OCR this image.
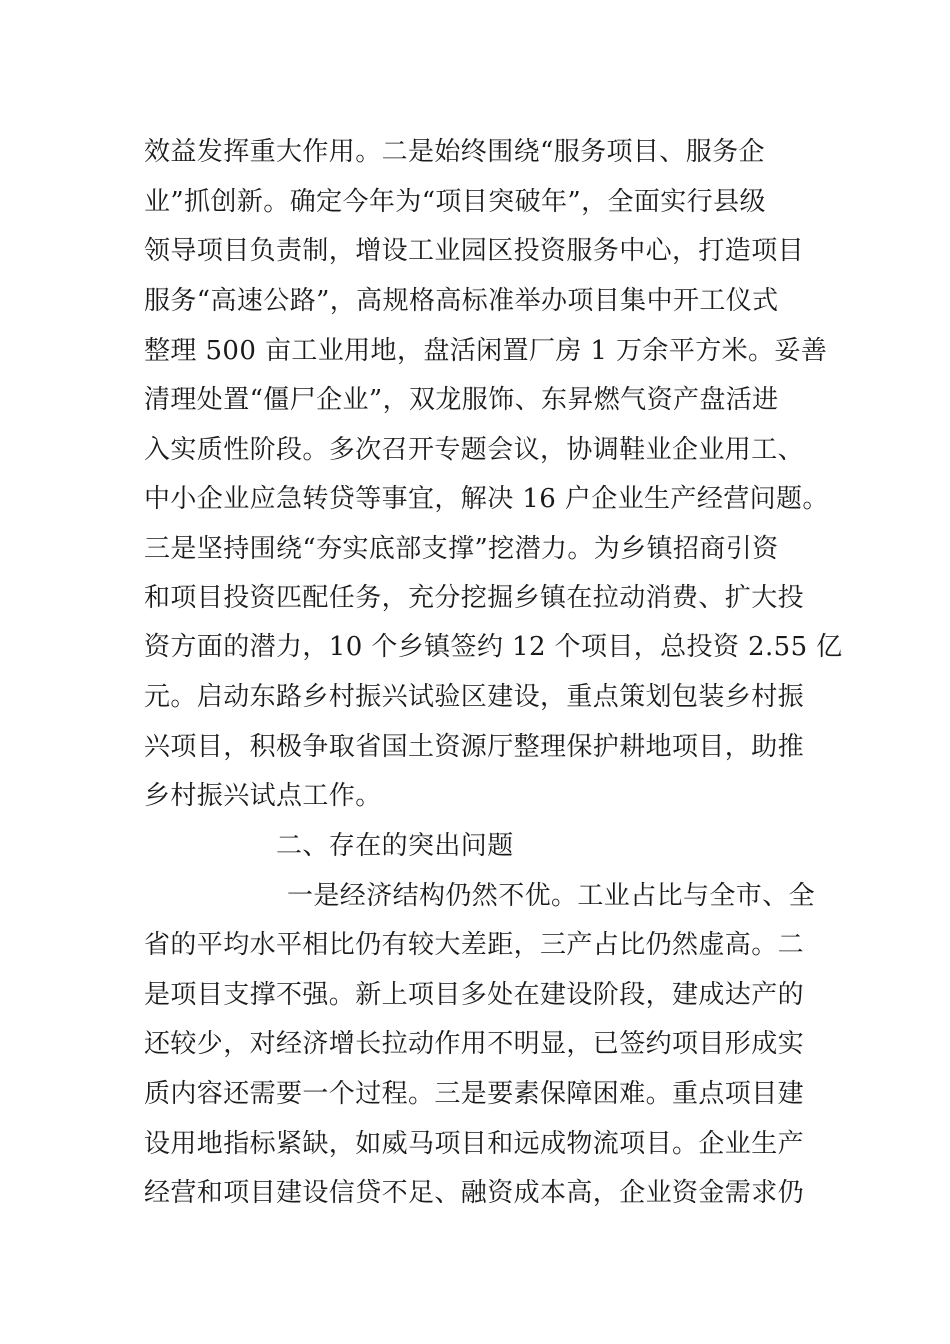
效益发挥重大作用。二是始终围绕“服务项目、服务企
业”抓创新。确定今年为“项目突破年”，全面实行县级
领导项目负责制，增设工业园区投资服务中心，打造项目
服务“高速公路”，高规格高标准举办项目集中开工仪式
整理 500 亩工业用地，盘活闲置厂房 1 万余平方米。妥善
清理处置“僵尸企业”，双龙服饰、东昇燃气资产盘活进
入实质性阶段。多次召开专题会议，协调鞋业企业用工、
中小企业应急转贷等事宜，解决 16 户企业生产经营问题。
三是坚持围绕“夯实底部支撑”挖潜力。为乡镇招商引资
和项目投资匹配任务，充分挖掘乡镇在拉动消费、扩大投
资方面的潜力，10 个乡镇签约 12 个项目，总投资 2.55 亿
元。启动东路乡村振兴试验区建设，重点策划包装乡村振
兴项目，积极争取省国土资源厅整理保护耕地项目，助推
乡村振兴试点工作。
二、存在的突出问题
一是经济结构仍然不优。工业占比与全市、全
省的平均水平相比仍有较大差距，三产占比仍然虚高。二
是项目支撑不强。新上项目多处在建设阶段，建成达产的
还较少，对经济增长拉动作用不明显，已签约项目形成实
质内容还需要一个过程。三是要素保障困难。重点项目建
设用地指标紧缺，如威马项目和远成物流项目。企业生产
经营和项目建设信贷不足、融资成本高，企业资金需求仍
